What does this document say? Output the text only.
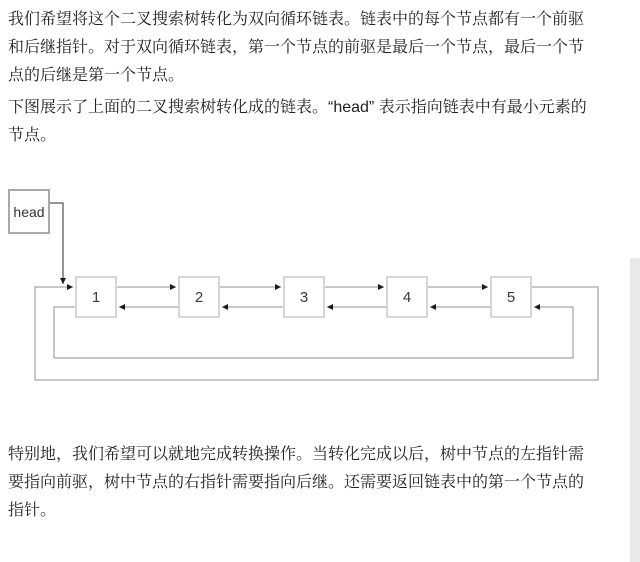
我们希望将这个二叉搜索树转化为双向循环链表。链表中的每个节点都有一个前驱
和后继指针。对于双向循环链表，第一个节点的前驱是最后一个节点，最后一个节
点的后继是第一个节点。
下图展示了上面的二叉搜索树转化成的链表。“head” 表示指向链表中有最小元素的
节点。
head
1	2	3	4	5
特别地，我们希望可以就地完成转换操作。当转化完成以后，树中节点的左指针需
要指向前驱，树中节点的右指针需要指向后继。还需要返回链表中的第一个节点的
指针。
